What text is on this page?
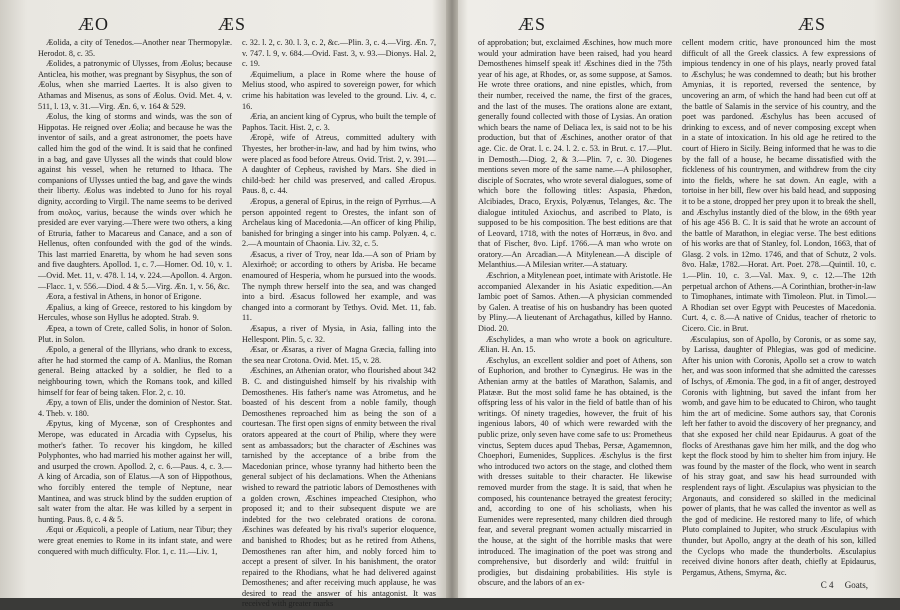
ÆO	ÆS

Æolida, a city of Tenedos.—Another near Thermopylæ. Herodot. 8, c. 35.

Æolides, a patronymic of Ulysses, from Æolus; because Anticlea, his mother, was pregnant by Sisyphus, the son of Æolus, when she married Laertes. It is also given to Athamas and Misenus, as sons of Æolus. Ovid. Met. 4, v. 511, l. 13, v. 31.—Virg. Æn. 6, v. 164 & 529.

Æolus, the king of storms and winds, was the son of Hippotas. He reigned over Æolia; and because he was the inventor of sails, and a great astronomer, the poets have called him the god of the wind. It is said that he confined in a bag, and gave Ulysses all the winds that could blow against his vessel, when he returned to Ithaca. The companions of Ulysses untied the bag, and gave the winds their liberty. Æolus was indebted to Juno for his royal dignity, according to Virgil. The name seems to be derived from αιολος, varius, because the winds over which he presided are ever varying.—There were two others, a king of Etruria, father to Macareus and Canace, and a son of Hellenus, often confounded with the god of the winds. This last married Enaretta, by whom he had seven sons and five daughters. Apollod. 1, c. 7.—Homer. Od. 10, v. 1.—Ovid. Met. 11, v. 478. l. 14, v. 224.—Apollon. 4. Argon.—Flacc. 1, v. 556.—Diod. 4 & 5.—Virg. Æn. 1, v. 56, &c.

Æora, a festival in Athens, in honor of Erigone.

Æpalius, a king of Greece, restored to his kingdom by Hercules, whose son Hyllus he adopted. Strab. 9.

Æpea, a town of Crete, called Solis, in honor of Solon. Plut. in Solon.

Æpolo, a general of the Illyrians, who drank to excess, after he had stormed the camp of A. Manlius, the Roman general. Being attacked by a soldier, he fled to a neighbouring town, which the Romans took, and killed himself for fear of being taken. Flor. 2, c. 10.

Æpy, a town of Elis, under the dominion of Nestor. Stat. 4. Theb. v. 180.

Æpytus, king of Mycenæ, son of Cresphontes and Merope, was educated in Arcadia with Cypselus, his mother's father. To recover his kingdom, he killed Polyphontes, who had married his mother against her will, and usurped the crown. Apollod. 2, c. 6.—Paus. 4, c. 3.—A king of Arcadia, son of Elatus.—A son of Hippothous, who forcibly entered the temple of Neptune, near Mantinea, and was struck blind by the sudden eruption of salt water from the altar. He was killed by a serpent in hunting. Paus. 8, c. 4 & 5.

Æqui or Æquicoli, a people of Latium, near Tibur; they were great enemies to Rome in its infant state, and were conquered with much difficulty. Flor. 1, c. 11.—Liv. 1,

c. 32. l. 2, c. 30. l. 3, c. 2, &c.—Plin. 3, c. 4.—Virg. Æn. 7, v. 747. l. 9, v. 684.—Ovid. Fast. 3, v. 93.—Dionys. Hal. 2, c. 19.

Æquimelium, a place in Rome where the house of Melius stood, who aspired to sovereign power, for which crime his habitation was leveled to the ground. Liv. 4, c. 16.

Æria, an ancient king of Cyprus, who built the temple of Paphos. Tacit. Hist. 2, c. 3.

Æropè, wife of Atreus, committed adultery with Thyestes, her brother-in-law, and had by him twins, who were placed as food before Atreus. Ovid. Trist. 2, v. 391.—A daughter of Cepheus, ravished by Mars. She died in child-bed: her child was preserved, and called Æropus. Paus. 8, c. 44.

Æropus, a general of Epirus, in the reign of Pyrrhus.—A person appointed regent to Orestes, the infant son of Archelaus king of Macedonia.—An officer of king Philip, banished for bringing a singer into his camp. Polyæn. 4, c. 2.—A mountain of Chaonia. Liv. 32, c. 5.

Æsacus, a river of Troy, near Ida.—A son of Priam by Alexirhoë; or according to others by Arisba. He became enamoured of Hesperia, whom he pursued into the woods. The nymph threw herself into the sea, and was changed into a bird. Æsacus followed her example, and was changed into a cormorant by Tethys. Ovid. Met. 11, fab. 11.

Æsapus, a river of Mysia, in Asia, falling into the Hellespont. Plin. 5, c. 32.

Æsar, or Æsaras, a river of Magna Græcia, falling into the sea near Crotona. Ovid. Met. 15, v. 28.

Æschines, an Athenian orator, who flourished about 342 B. C. and distinguished himself by his rivalship with Demosthenes. His father's name was Atrometus, and he boasted of his descent from a noble family, though Demosthenes reproached him as being the son of a courtesan. The first open signs of enmity between the rival orators appeared at the court of Philip, where they were sent as ambassadors; but the character of Æschines was tarnished by the acceptance of a bribe from the Macedonian prince, whose tyranny had hitherto been the general subject of his declamations. When the Athenians wished to reward the patriotic labors of Demosthenes with a golden crown, Æschines impeached Ctesiphon, who proposed it; and to their subsequent dispute we are indebted for the two celebrated orations de corona. Æschines was defeated by his rival's superior eloquence, and banished to Rhodes; but as he retired from Athens, Demosthenes ran after him, and nobly forced him to accept a present of silver. In his banishment, the orator repaired to the Rhodians, what he had delivered against Demosthenes; and after receiving much applause, he was desired to read the answer of his antagonist. It was received with greater marks

ÆS	ÆS

of approbation; but, exclaimed Æschines, how much more would your admiration have been raised, had you heard Demosthenes himself speak it! Æschines died in the 75th year of his age, at Rhodes, or, as some suppose, at Samos. He wrote three orations, and nine epistles, which, from their number, received the name, the first of the graces, and the last of the muses. The orations alone are extant, generally found collected with those of Lysias. An oration which bears the name of Deliaca lex, is said not to be his production, but that of Æschines, another orator of that age. Cic. de Orat. l. c. 24. l. 2. c. 53. in Brut. c. 17.—Plut. in Demosth.—Diog. 2, & 3.—Plin. 7, c. 30. Diogenes mentions seven more of the same name.—A philosopher, disciple of Socrates, who wrote several dialogues, some of which bore the following titles: Aspasia, Phædon, Alcibiades, Draco, Eryxis, Polyænus, Telanges, &c. The dialogue intituled Axiochus, and ascribed to Plato, is supposed to be his composition. The best editions are that of Leovard, 1718, with the notes of Horræus, in 8vo. and that of Fischer, 8vo. Lipf. 1766.—A man who wrote on oratory.—An Arcadian.—A Mitylenean.—A disciple of Melanthius.—A Milesian writer.—A statuary.

Æschrion, a Mitylenean poet, intimate with Aristotle. He accompanied Alexander in his Asiatic expedition.—An Iambic poet of Samos. Athen.—A physician commended by Galen. A treatise of his on husbandry has been quoted by Pliny.—A lieutenant of Archagathus, killed by Hanno. Diod. 20.

Æschylides, a man who wrote a book on agriculture. Ælian. H. An. 15.

Æschylus, an excellent soldier and poet of Athens, son of Euphorion, and brother to Cynægirus. He was in the Athenian army at the battles of Marathon, Salamis, and Platææ. But the most solid fame he has obtained, is the offspring less of his valor in the field of battle than of his writings. Of ninety tragedies, however, the fruit of his ingenious labors, 40 of which were rewarded with the public prize, only seven have come safe to us: Prometheus vinctus, Septem duces apud Thebas, Persæ, Agamemnon, Choephori, Eumenides, Supplices. Æschylus is the first who introduced two actors on the stage, and clothed them with dresses suitable to their character. He likewise removed murder from the stage. It is said, that when he composed, his countenance betrayed the greatest ferocity; and, according to one of his scholiasts, when his Eumenides were represented, many children died through fear, and several pregnant women actually miscarried in the house, at the sight of the horrible masks that were introduced. The imagination of the poet was strong and comprehensive, but disorderly and wild: fruitful in prodigies, but disdaining probabilities. His style is obscure, and the labors of an ex-

cellent modern critic, have pronounced him the most difficult of all the Greek classics. A few expressions of impious tendency in one of his plays, nearly proved fatal to Æschylus; he was condemned to death; but his brother Amynias, it is reported, reversed the sentence, by uncovering an arm, of which the hand had been cut off at the battle of Salamis in the service of his country, and the poet was pardoned. Æschylus has been accused of drinking to excess, and of never composing except when in a state of intoxication. In his old age he retired to the court of Hiero in Sicily. Being informed that he was to die by the fall of a house, he became dissatisfied with the fickleness of his countrymen, and withdrew from the city into the fields, where he sat down. An eagle, with a tortoise in her bill, flew over his bald head, and supposing it to be a stone, dropped her prey upon it to break the shell, and Æschylus instantly died of the blow, in the 69th year of his age 456 B. C. It is said that he wrote an account of the battle of Marathon, in elegiac verse. The best editions of his works are that of Stanley, fol. London, 1663, that of Glasg. 2 vols. in 12mo. 1746, and that of Schutz, 2 vols. 8vo. Halæ, 1782.—Horat. Art. Poet. 278.—Quintil. 10, c. 1.—Plin. 10, c. 3.—Val. Max. 9, c. 12.—The 12th perpetual archon of Athens.—A Corinthian, brother-in-law to Timophanes, intimate with Timoleon. Plut. in Timol.—A Rhodian set over Egypt with Peucestes of Macedonia. Curt. 4, c. 8.—A native of Cnidus, teacher of rhetoric to Cicero. Cic. in Brut.

Æsculapius, son of Apollo, by Coronis, or as some say, by Larissa, daughter of Phlegias, was god of medicine. After his union with Coronis, Apollo set a crow to watch her, and was soon informed that she admitted the caresses of Ischys, of Æmonia. The god, in a fit of anger, destroyed Coronis with lightning, but saved the infant from her womb, and gave him to be educated to Chiron, who taught him the art of medicine. Some authors say, that Coronis left her father to avoid the discovery of her pregnancy, and that she exposed her child near Epidaurus. A goat of the flocks of Aresthanas gave him her milk, and the dog who kept the flock stood by him to shelter him from injury. He was found by the master of the flock, who went in search of his stray goat, and saw his head surrounded with resplendent rays of light. Æsculapius was physician to the Argonauts, and considered so skilled in the medicinal power of plants, that he was called the inventor as well as the god of medicine. He restored many to life, of which Pluto complained to Jupiter, who struck Æsculapius with thunder, but Apollo, angry at the death of his son, killed the Cyclops who made the thunderbolts. Æsculapius received divine honors after death, chiefly at Epidaurus, Pergamus, Athens, Smyrna, &c.

C 4 Goats,
